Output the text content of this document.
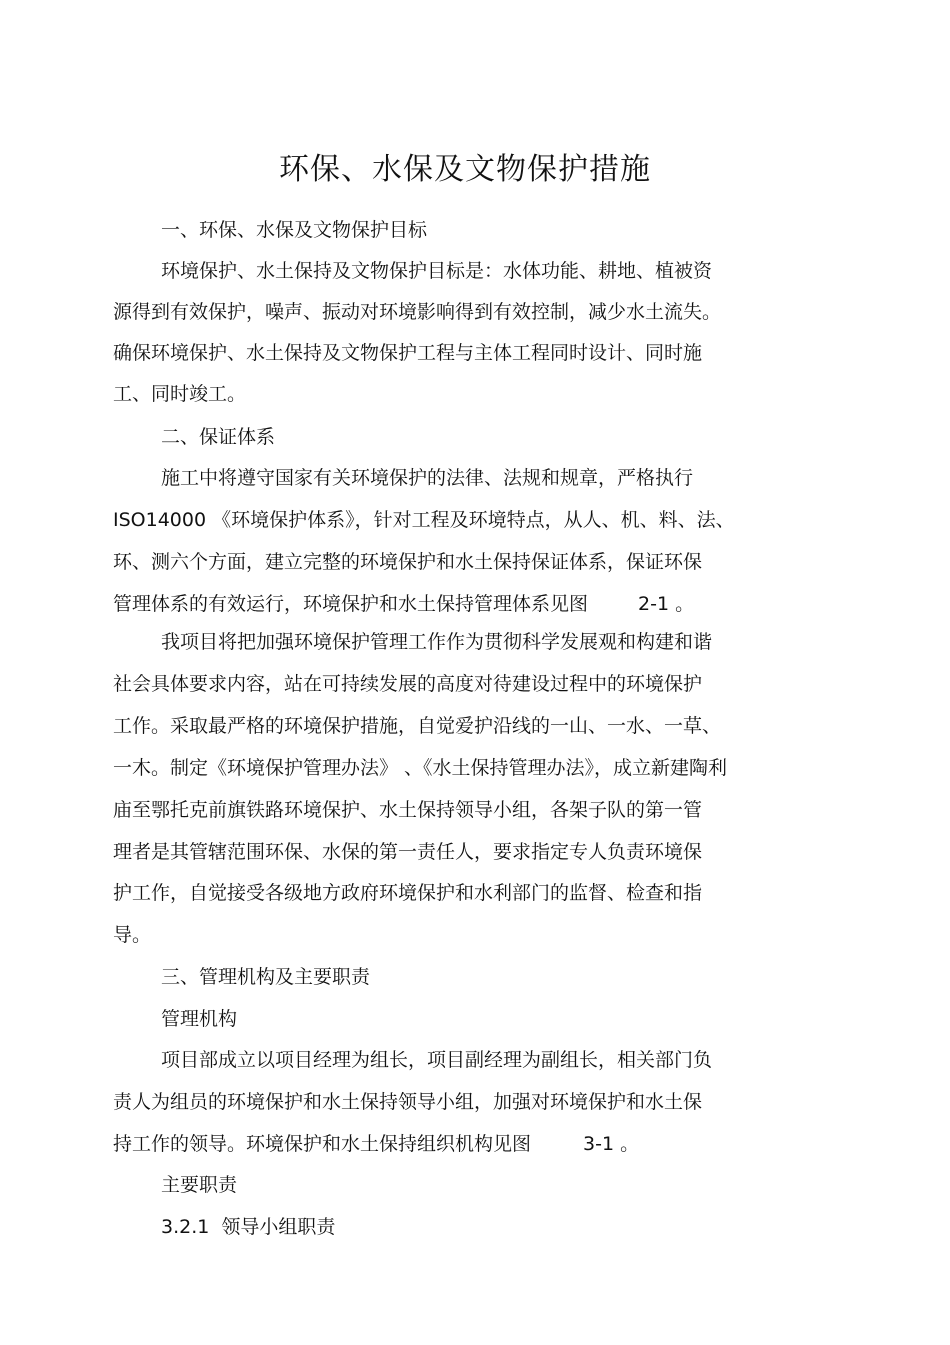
环保、水保及文物保护措施
一、环保、水保及文物保护目标
环境保护、水土保持及文物保护目标是：水体功能、耕地、植被资
源得到有效保护，噪声、振动对环境影响得到有效控制，减少水土流失。
确保环境保护、水土保持及文物保护工程与主体工程同时设计、同时施
工、同时竣工。
二、保证体系
施工中将遵守国家有关环境保护的法律、法规和规章，严格执行
ISO14000 《环境保护体系》，针对工程及环境特点，从人、机、料、法、
环、测六个方面，建立完整的环境保护和水土保持保证体系，保证环保
管理体系的有效运行，环境保护和水土保持管理体系见图	2-1 。
我项目将把加强环境保护管理工作作为贯彻科学发展观和构建和谐
社会具体要求内容，站在可持续发展的高度对待建设过程中的环境保护
工作。采取最严格的环境保护措施，自觉爱护沿线的一山、一水、一草、
一木。制定《环境保护管理办法》 、《水土保持管理办法》，成立新建陶利
庙至鄂托克前旗铁路环境保护、水土保持领导小组，各架子队的第一管
理者是其管辖范围环保、水保的第一责任人，要求指定专人负责环境保
护工作，自觉接受各级地方政府环境保护和水利部门的监督、检查和指
导。
三、管理机构及主要职责
管理机构
项目部成立以项目经理为组长，项目副经理为副组长，相关部门负
责人为组员的环境保护和水土保持领导小组，加强对环境保护和水土保
持工作的领导。环境保护和水土保持组织机构见图	3-1 。
主要职责
3.2.1  领导小组职责
